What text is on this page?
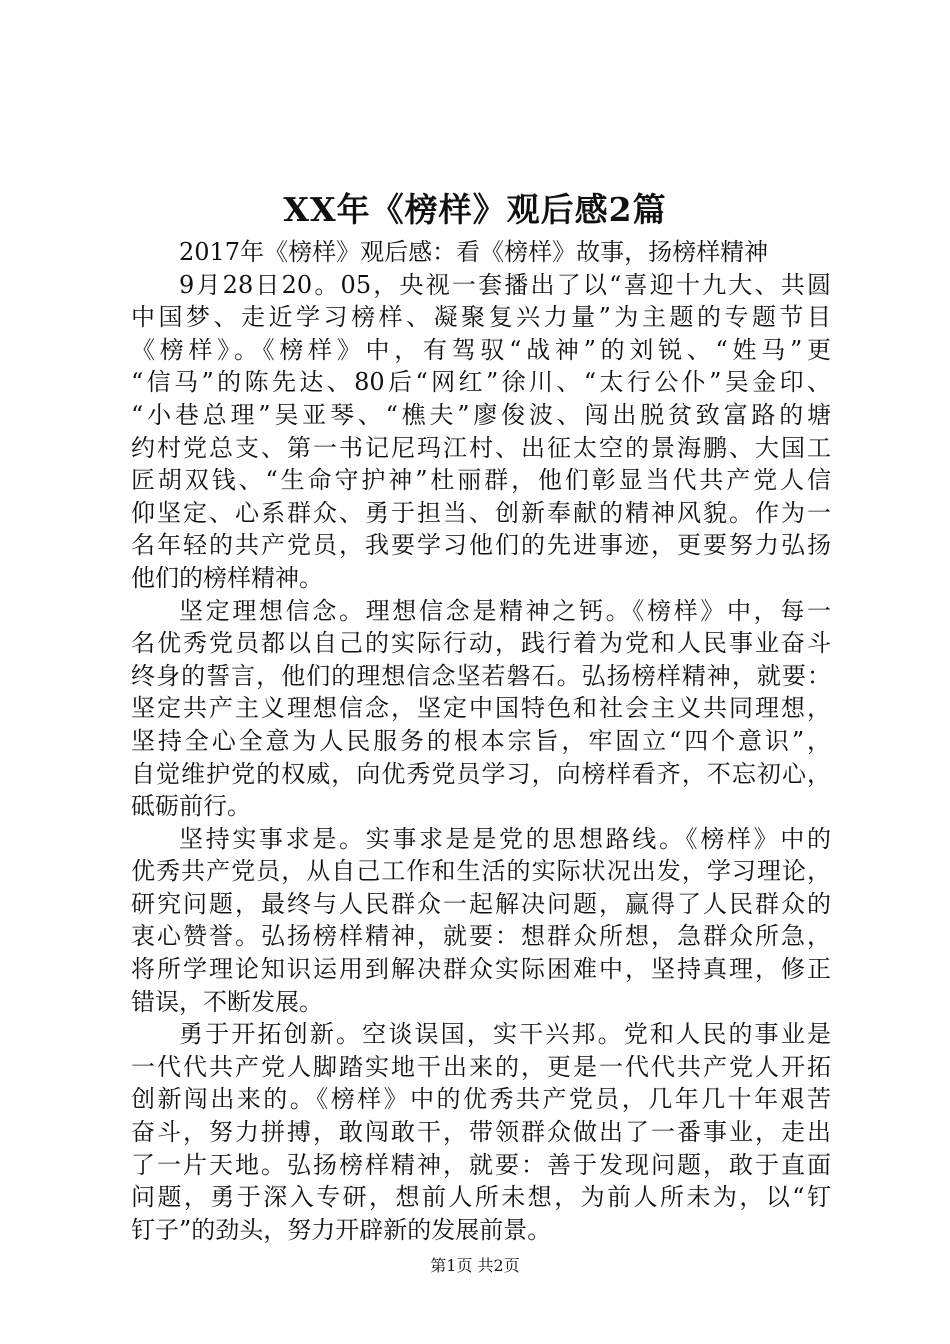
XX年《榜样》观后感2篇
2017年《榜样》观后感：看《榜样》故事，扬榜样精神
9月28日20。05，央视一套播出了以“喜迎十九大、共圆
中国梦、走近学习榜样、凝聚复兴力量”为主题的专题节目
《榜样》。《榜样》中，有驾驭“战神”的刘锐、“姓马”更
“信马”的陈先达、80后“网红”徐川、“太行公仆”吴金印、
“小巷总理”吴亚琴、“樵夫”廖俊波、闯出脱贫致富路的塘
约村党总支、第一书记尼玛江村、出征太空的景海鹏、大国工
匠胡双钱、“生命守护神”杜丽群，他们彰显当代共产党人信
仰坚定、心系群众、勇于担当、创新奉献的精神风貌。作为一
名年轻的共产党员，我要学习他们的先进事迹，更要努力弘扬
他们的榜样精神。
坚定理想信念。理想信念是精神之钙。《榜样》中，每一
名优秀党员都以自己的实际行动，践行着为党和人民事业奋斗
终身的誓言，他们的理想信念坚若磐石。弘扬榜样精神，就要：
坚定共产主义理想信念，坚定中国特色和社会主义共同理想，
坚持全心全意为人民服务的根本宗旨，牢固立“四个意识”，
自觉维护党的权威，向优秀党员学习，向榜样看齐，不忘初心，
砥砺前行。
坚持实事求是。实事求是是党的思想路线。《榜样》中的
优秀共产党员，从自己工作和生活的实际状况出发，学习理论，
研究问题，最终与人民群众一起解决问题，赢得了人民群众的
衷心赞誉。弘扬榜样精神，就要：想群众所想，急群众所急，
将所学理论知识运用到解决群众实际困难中，坚持真理，修正
错误，不断发展。
勇于开拓创新。空谈误国，实干兴邦。党和人民的事业是
一代代共产党人脚踏实地干出来的，更是一代代共产党人开拓
创新闯出来的。《榜样》中的优秀共产党员，几年几十年艰苦
奋斗，努力拼搏，敢闯敢干，带领群众做出了一番事业，走出
了一片天地。弘扬榜样精神，就要：善于发现问题，敢于直面
问题，勇于深入专研，想前人所未想，为前人所未为，以“钉
钉子”的劲头，努力开辟新的发展前景。
第1页 共2页
